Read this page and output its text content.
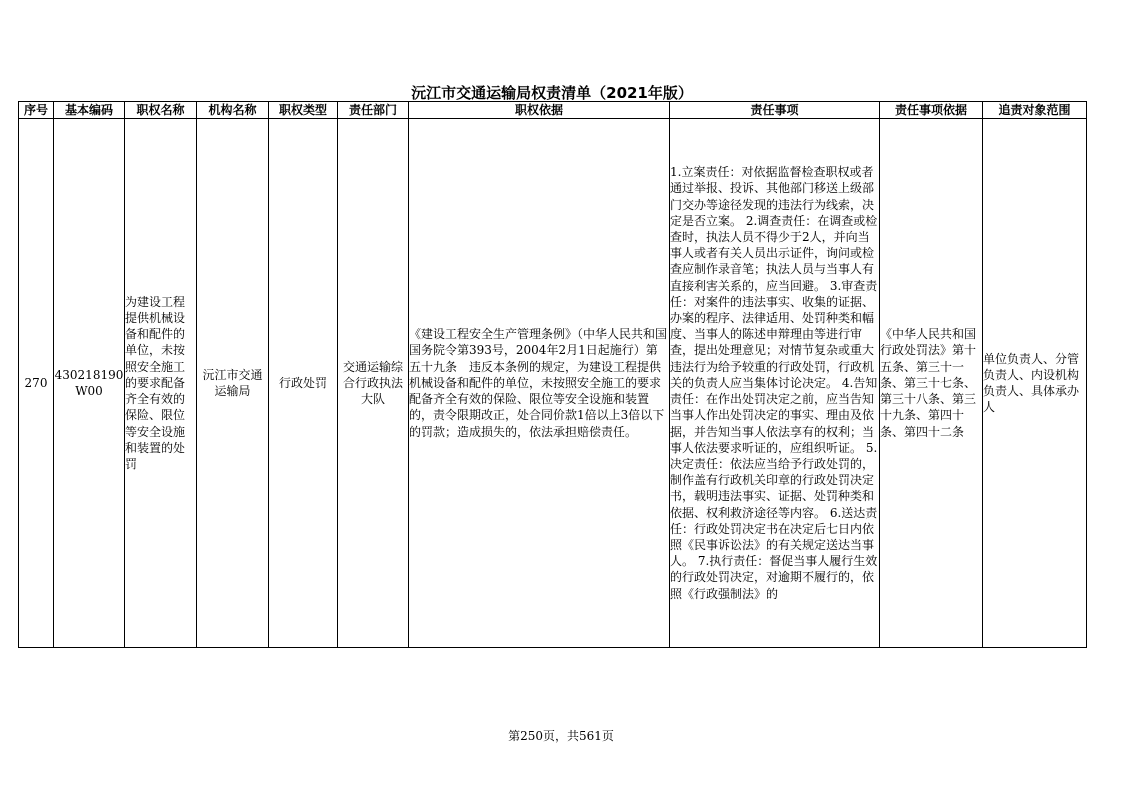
沅江市交通运输局权责清单（2021年版）
序号	基本编码	职权名称	机构名称	职权类型	责任部门	职权依据	责任事项	责任事项依据	追责对象范围
270	430218190W00	为建设工程提供机械设备和配件的单位，未按照安全施工的要求配备齐全有效的保险、限位等安全设施和装置的处罚	沅江市交通运输局	行政处罚	交通运输综合行政执法大队	《建设工程安全生产管理条例》（中华人民共和国国务院令第393号，2004年2月1日起施行）第五十九条　违反本条例的规定，为建设工程提供机械设备和配件的单位，未按照安全施工的要求配备齐全有效的保险、限位等安全设施和装置的，责令限期改正，处合同价款1倍以上3倍以下的罚款；造成损失的，依法承担赔偿责任。	1.立案责任：对依据监督检查职权或者通过举报、投诉、其他部门移送上级部门交办等途径发现的违法行为线索，决定是否立案。 2.调查责任：在调查或检查时，执法人员不得少于2人，并向当事人或者有关人员出示证件，询问或检查应制作录音笔；执法人员与当事人有直接利害关系的，应当回避。 3.审查责任：对案件的违法事实、收集的证据、办案的程序、法律适用、处罚种类和幅度、当事人的陈述申辩理由等进行审查，提出处理意见；对情节复杂或重大违法行为给予较重的行政处罚，行政机关的负责人应当集体讨论决定。 4.告知责任：在作出处罚决定之前，应当告知当事人作出处罚决定的事实、理由及依据，并告知当事人依法享有的权利；当事人依法要求听证的，应组织听证。 5.决定责任：依法应当给予行政处罚的，制作盖有行政机关印章的行政处罚决定书，载明违法事实、证据、处罚种类和依据、权利救济途径等内容。 6.送达责任：行政处罚决定书在决定后七日内依照《民事诉讼法》的有关规定送达当事人。 7.执行责任：督促当事人履行生效的行政处罚决定，对逾期不履行的，依照《行政强制法》的	《中华人民共和国行政处罚法》第十五条、第三十一条、第三十七条、第三十八条、第三十九条、第四十条、第四十二条	单位负责人、分管负责人、内设机构负责人、具体承办人
第250页，共561页
